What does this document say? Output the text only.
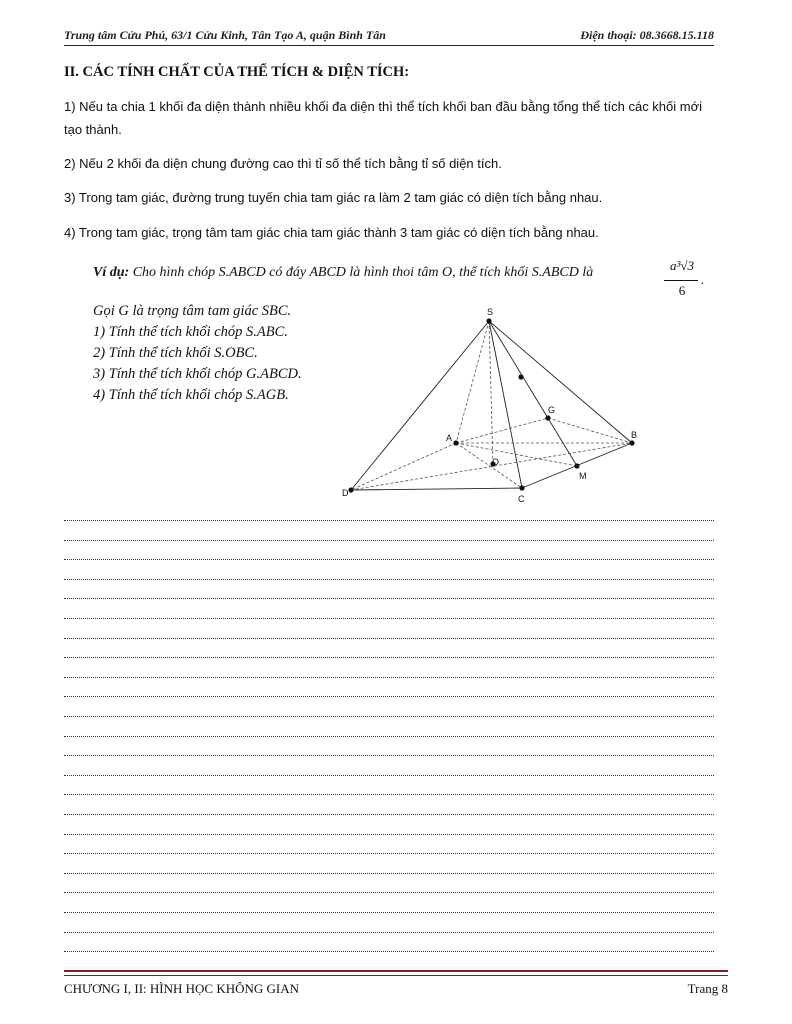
Trung tâm Cửu Phú, 63/1 Cửu Kinh, Tân Tạo A, quận Bình Tân	Điện thoại: 08.3668.15.118
II. CÁC TÍNH CHẤT CỦA THỂ TÍCH & DIỆN TÍCH:
1) Nếu ta chia 1 khối đa diện thành nhiều khối đa diện thì thể tích khối ban đầu bằng tổng thể tích các khối mới tạo thành.
2) Nếu 2 khối đa diện chung đường cao thì tỉ số thể tích bằng tỉ số diện tích.
3) Trong tam giác, đường trung tuyến chia tam giác ra làm 2 tam giác có diện tích bằng nhau.
4) Trong tam giác, trọng tâm tam giác chia tam giác thành 3 tam giác có diện tích bằng nhau.
Ví dụ: Cho hình chóp S.ABCD có đáy ABCD là hình thoi tâm O, thể tích khối S.ABCD là	a³√3
6
.
Gọi G là trọng tâm tam giác SBC.
1) Tính thể tích khối chóp S.ABC.
2) Tính thể tích khối S.OBC.
3) Tính thể tích khối chóp G.ABCD.
4) Tính thể tích khối chóp S.AGB.
S
A	B
C
D
O
M
G
CHƯƠNG I, II: HÌNH HỌC KHÔNG GIAN	Trang 8
